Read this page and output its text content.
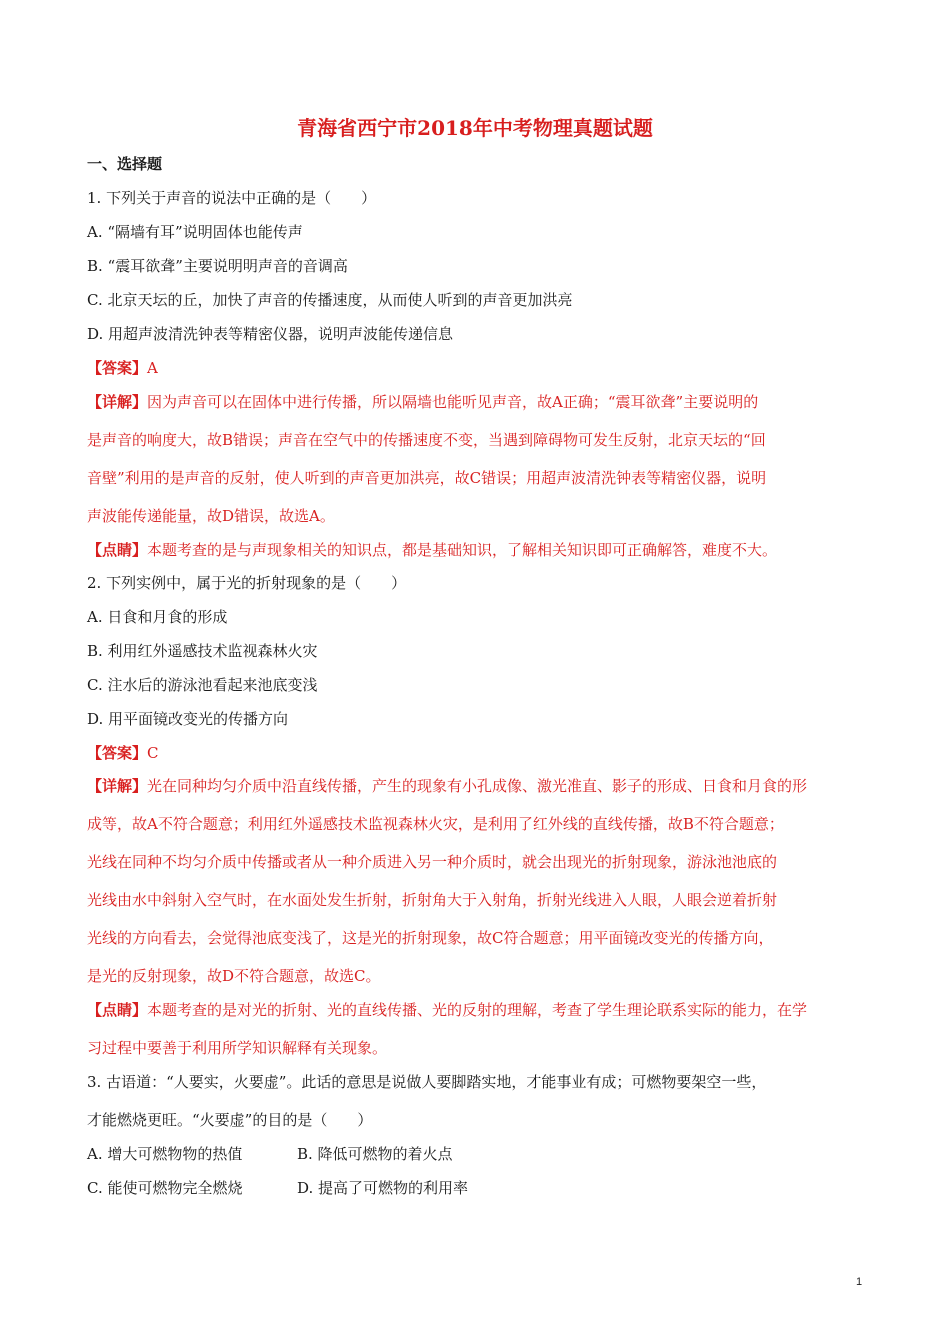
青海省西宁市2018年中考物理真题试题
一、选择题
1. 下列关于声音的说法中正确的是（　　）
A. “隔墙有耳”说明固体也能传声
B. “震耳欲聋”主要说明明声音的音调高
C. 北京天坛的丘，加快了声音的传播速度，从而使人听到的声音更加洪亮
D. 用超声波清洗钟表等精密仪器，说明声波能传递信息
【答案】A
【详解】因为声音可以在固体中进行传播，所以隔墙也能听见声音，故A正确；“震耳欲聋”主要说明的
是声音的响度大，故B错误；声音在空气中的传播速度不变，当遇到障碍物可发生反射，北京天坛的“回
音壁”利用的是声音的反射，使人听到的声音更加洪亮，故C错误；用超声波清洗钟表等精密仪器，说明
声波能传递能量，故D错误，故选A。
【点睛】本题考查的是与声现象相关的知识点，都是基础知识，了解相关知识即可正确解答，难度不大。
2. 下列实例中，属于光的折射现象的是（　　）
A. 日食和月食的形成
B. 利用红外遥感技术监视森林火灾
C. 注水后的游泳池看起来池底变浅
D. 用平面镜改变光的传播方向
【答案】C
【详解】光在同种均匀介质中沿直线传播，产生的现象有小孔成像、激光准直、影子的形成、日食和月食的形
成等，故A不符合题意；利用红外遥感技术监视森林火灾，是利用了红外线的直线传播，故B不符合题意；
光线在同种不均匀介质中传播或者从一种介质进入另一种介质时，就会出现光的折射现象，游泳池池底的
光线由水中斜射入空气时，在水面处发生折射，折射角大于入射角，折射光线进入人眼，人眼会逆着折射
光线的方向看去，会觉得池底变浅了，这是光的折射现象，故C符合题意；用平面镜改变光的传播方向，
是光的反射现象，故D不符合题意，故选C。
【点睛】本题考查的是对光的折射、光的直线传播、光的反射的理解，考查了学生理论联系实际的能力，在学
习过程中要善于利用所学知识解释有关现象。
3. 古语道：“人要实，火要虚”。此话的意思是说做人要脚踏实地，才能事业有成；可燃物要架空一些，
才能燃烧更旺。“火要虚”的目的是（　　）
A. 增大可燃物物的热值	B. 降低可燃物的着火点
C. 能使可燃物完全燃烧	D. 提高了可燃物的利用率
1
